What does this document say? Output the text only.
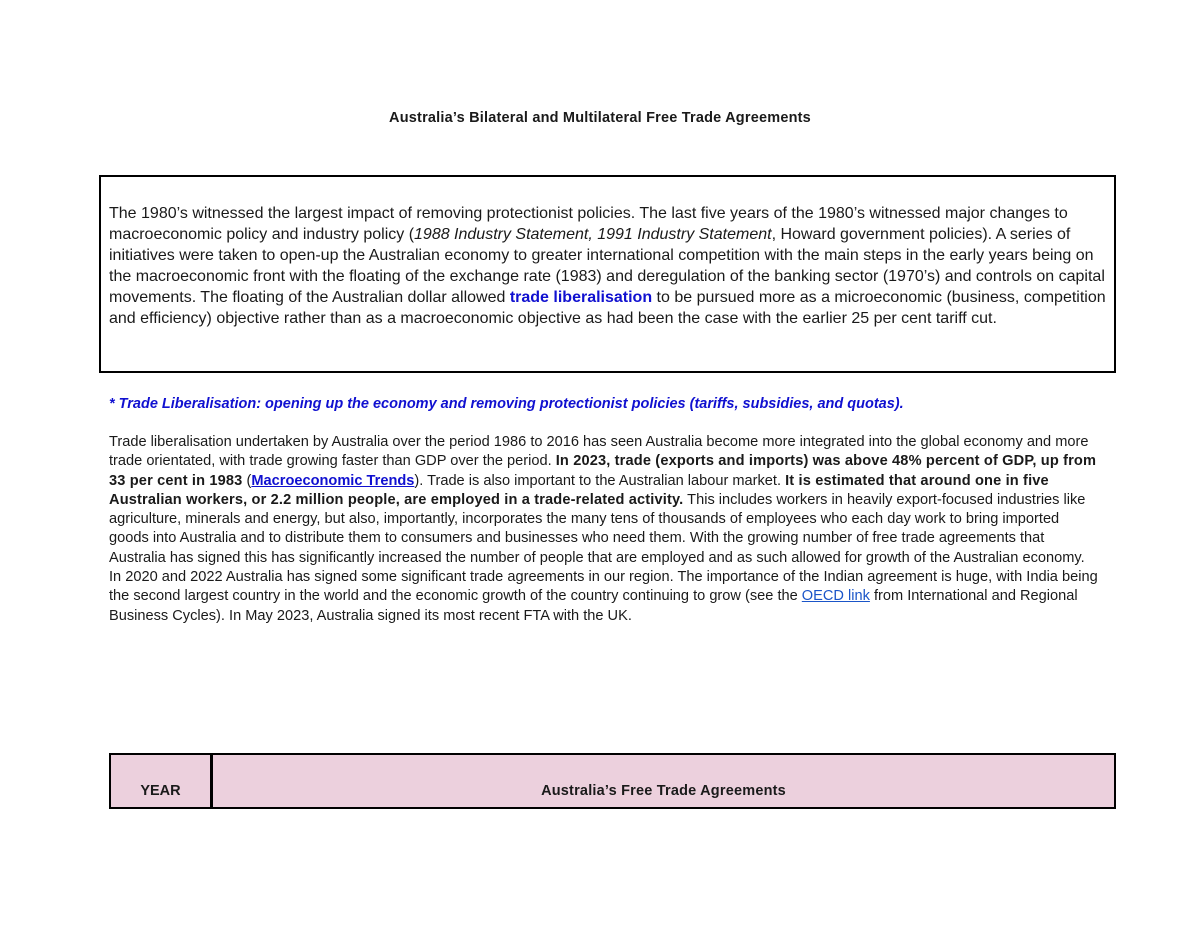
Australia’s Bilateral and Multilateral Free Trade Agreements
The 1980’s witnessed the largest impact of removing protectionist policies. The last five years of the 1980’s witnessed major changes to macroeconomic policy and industry policy (1988 Industry Statement, 1991 Industry Statement, Howard government policies). A series of initiatives were taken to open-up the Australian economy to greater international competition with the main steps in the early years being on the macroeconomic front with the floating of the exchange rate (1983) and deregulation of the banking sector (1970’s) and controls on capital movements. The floating of the Australian dollar allowed trade liberalisation to be pursued more as a microeconomic (business, competition and efficiency) objective rather than as a macroeconomic objective as had been the case with the earlier 25 per cent tariff cut.
* Trade Liberalisation: opening up the economy and removing protectionist policies (tariffs, subsidies, and quotas).
Trade liberalisation undertaken by Australia over the period 1986 to 2016 has seen Australia become more integrated into the global economy and more trade orientated, with trade growing faster than GDP over the period. In 2023, trade (exports and imports) was above 48% percent of GDP, up from 33 per cent in 1983 (Macroeconomic Trends). Trade is also important to the Australian labour market. It is estimated that around one in five Australian workers, or 2.2 million people, are employed in a trade-related activity. This includes workers in heavily export-focused industries like agriculture, minerals and energy, but also, importantly, incorporates the many tens of thousands of employees who each day work to bring imported goods into Australia and to distribute them to consumers and businesses who need them. With the growing number of free trade agreements that Australia has signed this has significantly increased the number of people that are employed and as such allowed for growth of the Australian economy. In 2020 and 2022 Australia has signed some significant trade agreements in our region. The importance of the Indian agreement is huge, with India being the second largest country in the world and the economic growth of the country continuing to grow (see the OECD link from International and Regional Business Cycles). In May 2023, Australia signed its most recent FTA with the UK.
YEAR	Australia’s Free Trade Agreements
